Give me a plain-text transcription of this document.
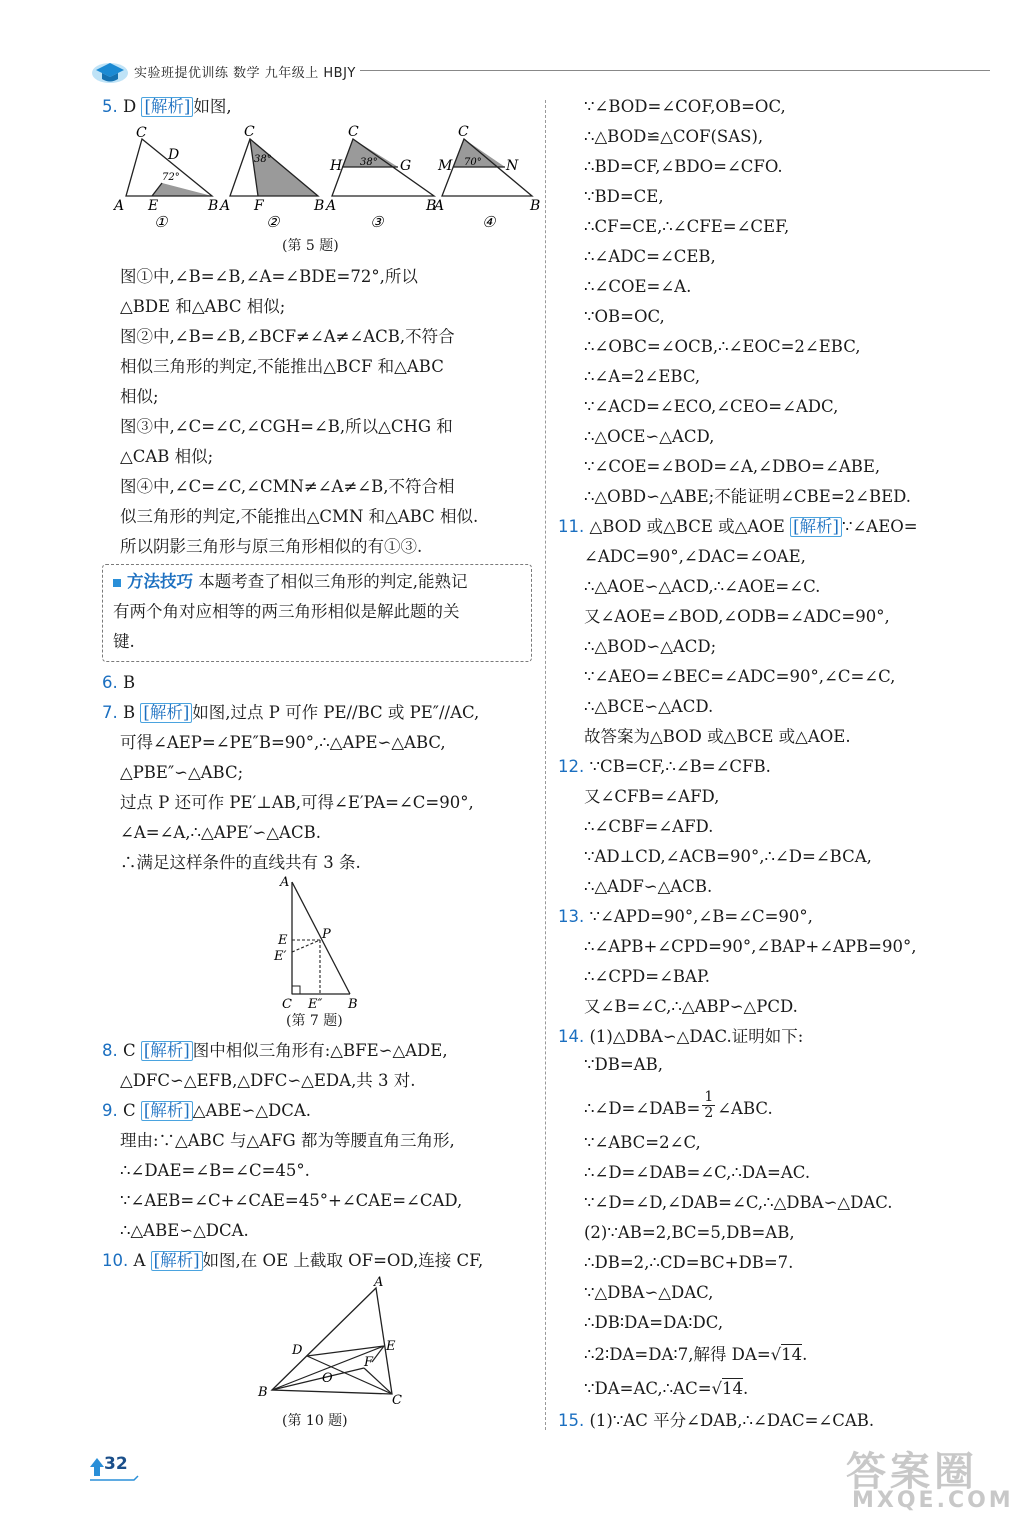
实验班提优训练 数学 九年级上 HBJY
5. D [解析] 如图,
C
D
A E	B
72°
①
C
A F	B
38°
②
C
H	G
A	B
38°
③
C
M	N
A	B
70°
④
(第 5 题)
图①中,∠B=∠B,∠A=∠BDE=72°,所以
△BDE 和△ABC 相似;
图②中,∠B=∠B,∠BCF≠∠A≠∠ACB,不符合
相似三角形的判定,不能推出△BCF 和△ABC
相似;
图③中,∠C=∠C,∠CGH=∠B,所以△CHG 和
△CAB 相似;
图④中,∠C=∠C,∠CMN≠∠A≠∠B,不符合相
似三角形的判定,不能推出△CMN 和△ABC 相似.
所以阴影三角形与原三角形相似的有①③.
方法技巧 本题考查了相似三角形的判定,能熟记
有两个角对应相等的两三角形相似是解此题的关
键.
6. B
7. B [解析] 如图,过点 P 可作 PE//BC 或 PE″//AC,
可得∠AEP=∠PE″B=90°,∴△APE∽△ABC,
△PBE″∽△ABC;
过点 P 还可作 PE′⊥AB,可得∠E′PA=∠C=90°,
∠A=∠A,∴△APE′∽△ACB.
∴满足这样条件的直线共有 3 条.
A
P
E
E′
C E″ B
(第 7 题)
8. C [解析] 图中相似三角形有:△BFE∽△ADE,
△DFC∽△EFB,△DFC∽△EDA,共 3 对.
9. C [解析] △ABE∽△DCA.
理由:∵△ABC 与△AFG 都为等腰直角三角形,
∴∠DAE=∠B=∠C=45°.
∵∠AEB=∠C+∠CAE=45°+∠CAE=∠CAD,
∴△ABE∽△DCA.
10. A [解析] 如图,在 OE 上截取 OF=OD,连接 CF,
A
D	E
F
O
B
C
(第 10 题)
∵∠BOD=∠COF,OB=OC,
∴△BOD≌△COF(SAS),
∴BD=CF,∠BDO=∠CFO.
∵BD=CE,
∴CF=CE,∴∠CFE=∠CEF,
∴∠ADC=∠CEB,
∴∠COE=∠A.
∵OB=OC,
∴∠OBC=∠OCB,∴∠EOC=2∠EBC,
∴∠A=2∠EBC,
∵∠ACD=∠ECO,∠CEO=∠ADC,
∴△OCE∽△ACD,
∵∠COE=∠BOD=∠A,∠DBO=∠ABE,
∴△OBD∽△ABE;不能证明∠CBE=2∠BED.
11. △BOD 或△BCE 或△AOE [解析] ∵∠AEO=
∠ADC=90°,∠DAC=∠OAE,
∴△AOE∽△ACD,∴∠AOE=∠C.
又∠AOE=∠BOD,∠ODB=∠ADC=90°,
∴△BOD∽△ACD;
∵∠AEO=∠BEC=∠ADC=90°,∠C=∠C,
∴△BCE∽△ACD.
故答案为△BOD 或△BCE 或△AOE.
12. ∵CB=CF,∴∠B=∠CFB.
又∠CFB=∠AFD,
∴∠CBF=∠AFD.
∵AD⊥CD,∠ACB=90°,∴∠D=∠BCA,
∴△ADF∽△ACB.
13. ∵∠APD=90°,∠B=∠C=90°,
∴∠APB+∠CPD=90°,∠BAP+∠APB=90°,
∴∠CPD=∠BAP.
又∠B=∠C,∴△ABP∽△PCD.
14. (1)△DBA∽△DAC.证明如下:
∵DB=AB,
∴∠D=∠DAB= $\frac{1}{2}$ ∠ABC.
∵∠ABC=2∠C,
∴∠D=∠DAB=∠C,∴DA=AC.
∵∠D=∠D,∠DAB=∠C,∴△DBA∽△DAC.
(2)∵AB=2,BC=5,DB=AB,
∴DB=2,∴CD=BC+DB=7.
∵△DBA∽△DAC,
∴DB∶DA=DA∶DC,
∴2∶DA=DA∶7,解得 DA=√14.
∵DA=AC,∴AC=√14.
15. (1)∵AC 平分∠DAB,∴∠DAC=∠CAB.
32	答案圈
MXQE.COM
